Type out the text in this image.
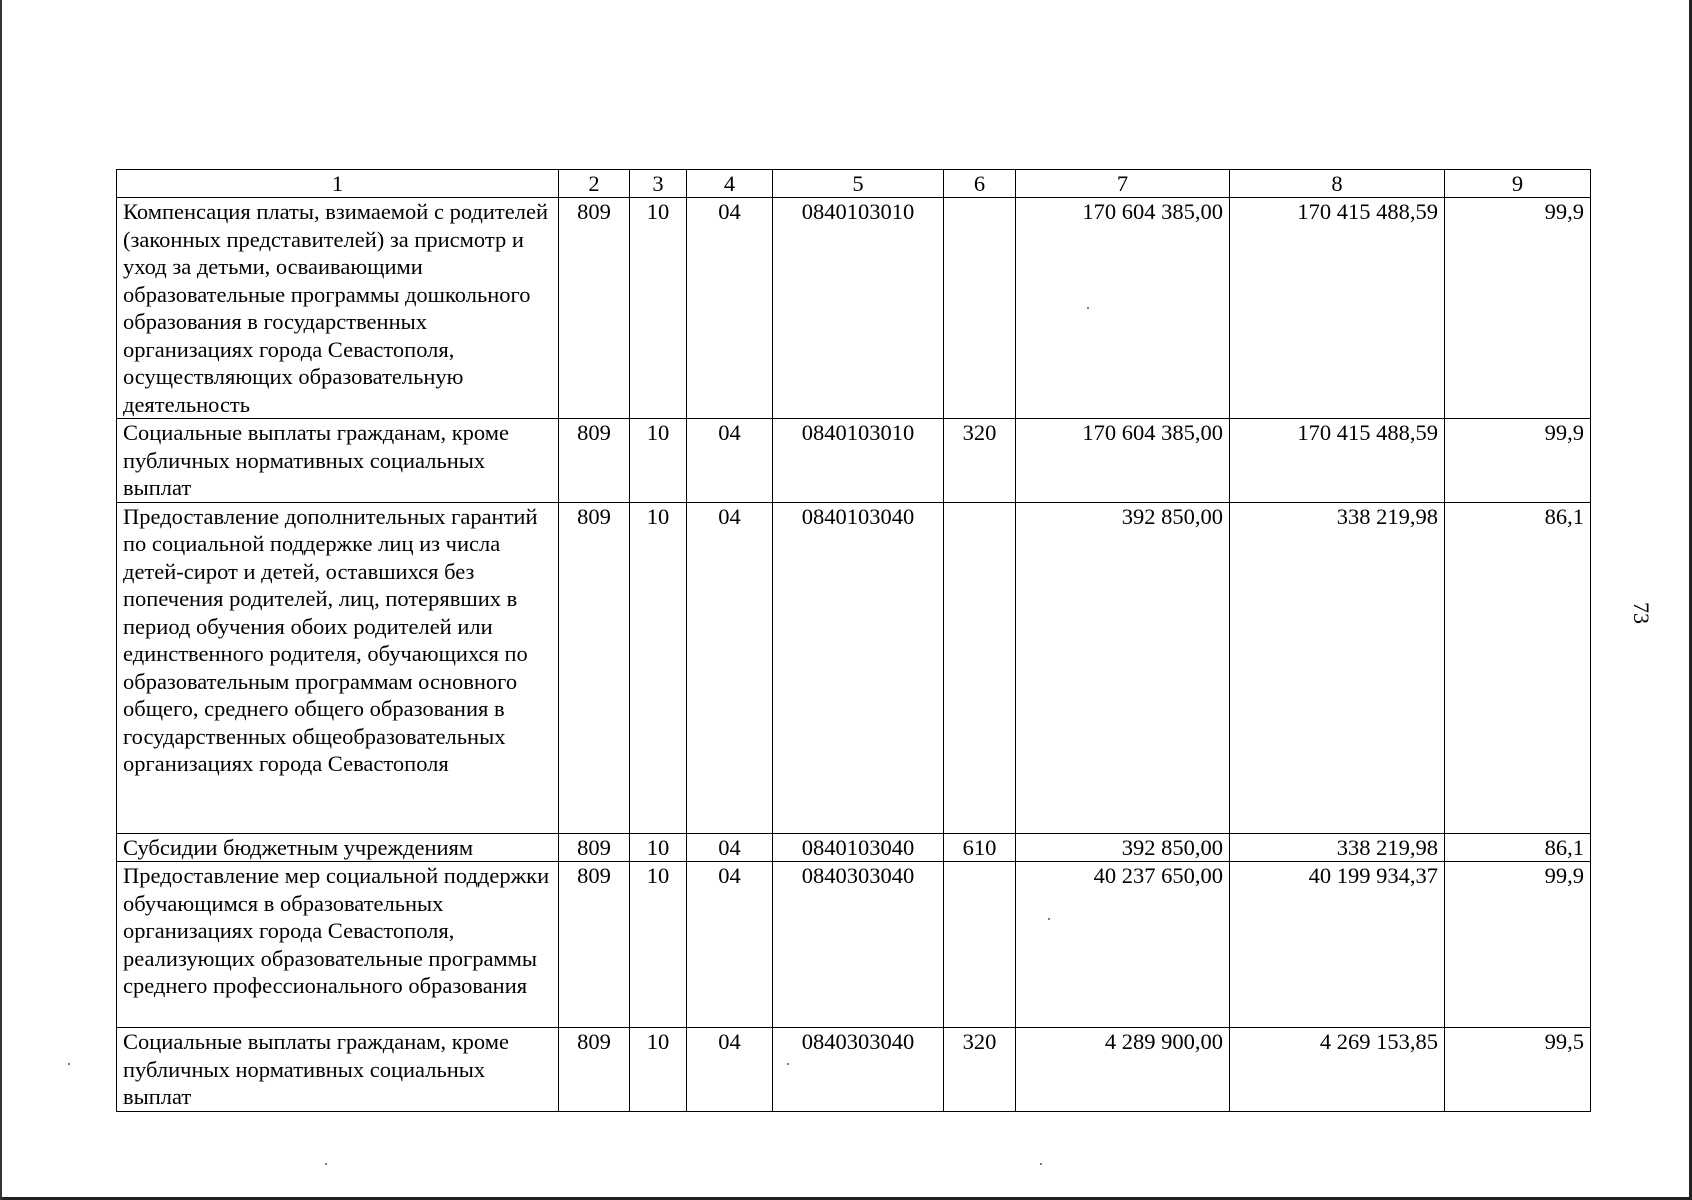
1	2	3	4	5	6	7	8	9
Компенсация платы, взимаемой с родителей (законных представителей) за присмотр и уход за детьми, осваивающими образовательные программы дошкольного образования в государственных организациях города Севастополя, осуществляющих образовательную деятельность	809	10	04	0840103010		170 604 385,00	170 415 488,59	99,9
Социальные выплаты гражданам, кроме публичных нормативных социальных выплат	809	10	04	0840103010	320	170 604 385,00	170 415 488,59	99,9
Предоставление дополнительных гарантий по социальной поддержке лиц из числа детей-сирот и детей, оставшихся без попечения родителей, лиц, потерявших в период обучения обоих родителей или единственного родителя, обучающихся по образовательным программам основного общего, среднего общего образования в государственных общеобразовательных организациях города Севастополя	809	10	04	0840103040		392 850,00	338 219,98	86,1
Субсидии бюджетным учреждениям	809	10	04	0840103040	610	392 850,00	338 219,98	86,1
Предоставление мер социальной поддержки обучающимся в образовательных организациях города Севастополя, реализующих образовательные программы среднего профессионального образования	809	10	04	0840303040		40 237 650,00	40 199 934,37	99,9
Социальные выплаты гражданам, кроме публичных нормативных социальных выплат	809	10	04	0840303040	320	4 289 900,00	4 269 153,85	99,5
73
